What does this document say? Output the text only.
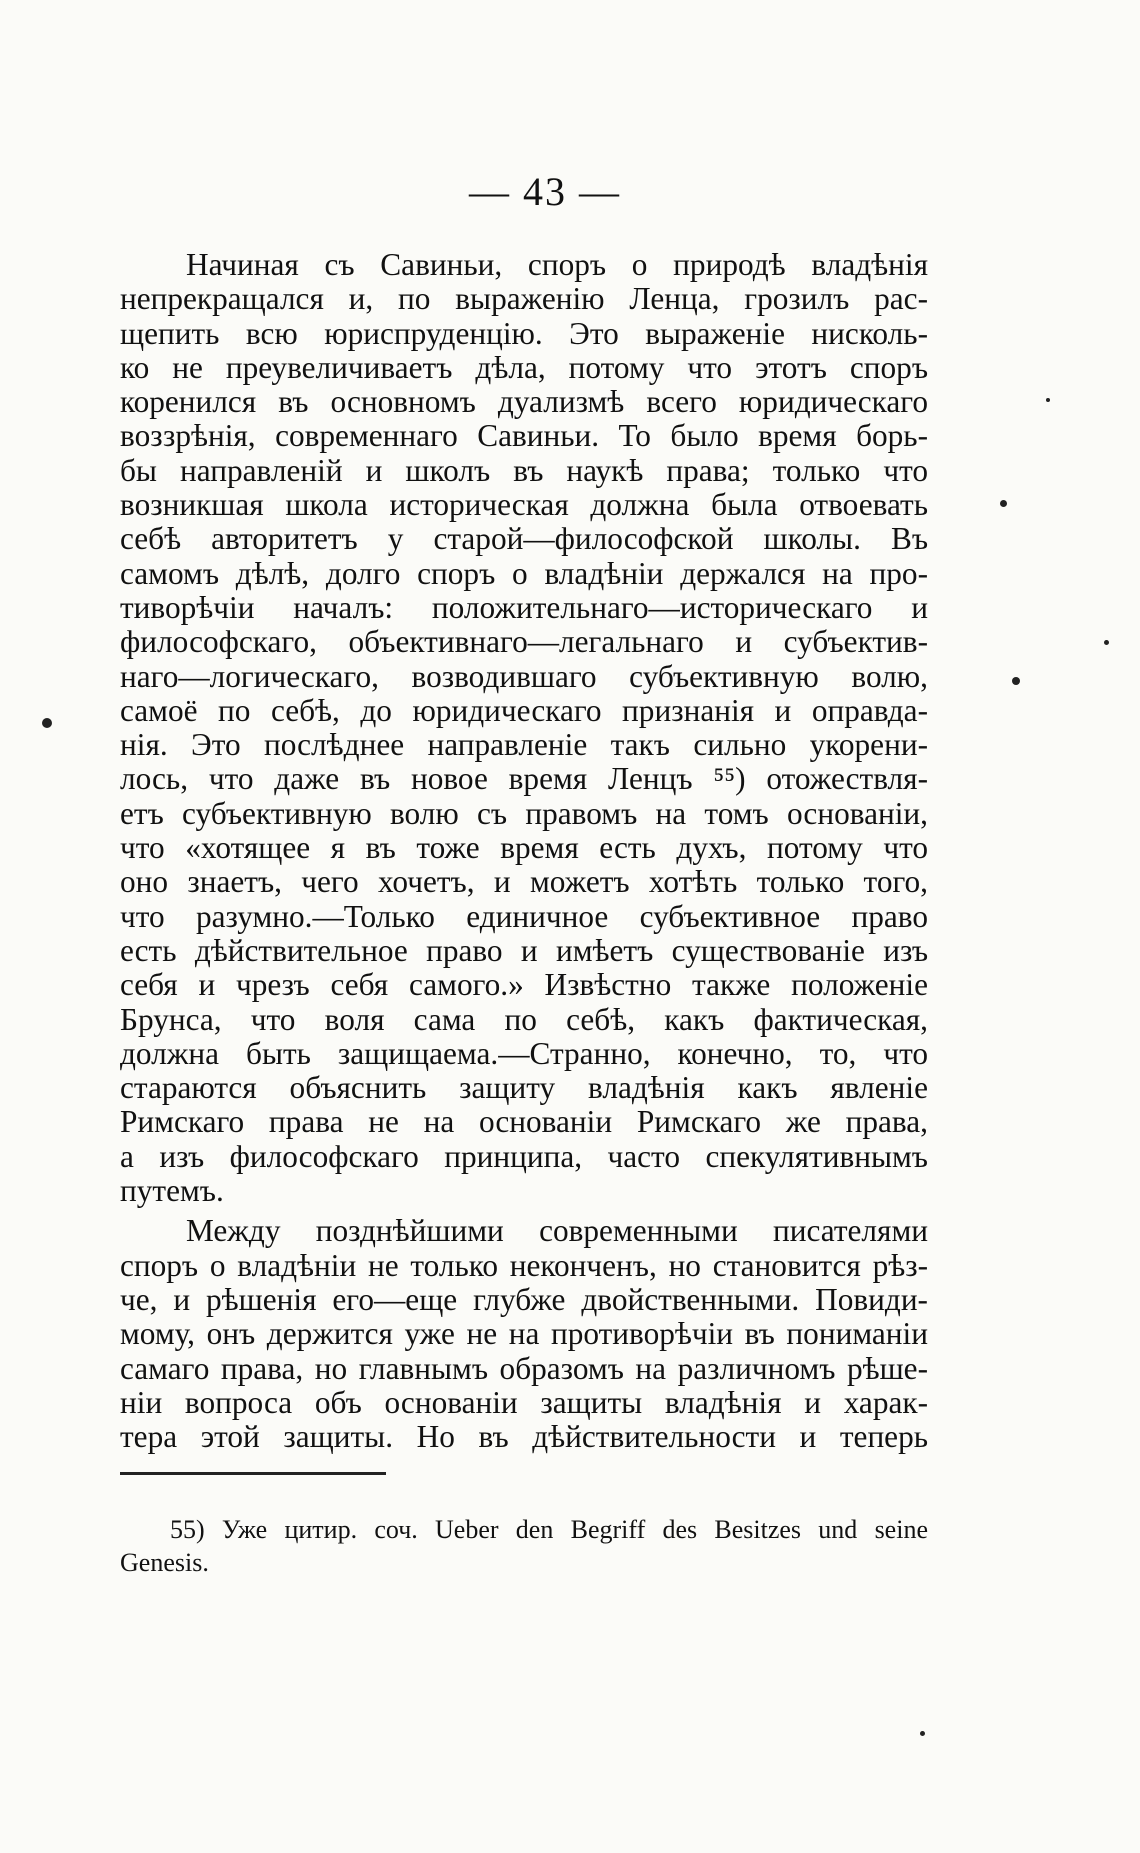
— 43 —
Начиная съ Савиньи, споръ о природѣ владѣнія
непрекращался и, по выраженію Ленца, грозилъ рас-
щепить всю юриспруденцію. Это выраженіе нисколь-
ко не преувеличиваетъ дѣла, потому что этотъ споръ
коренился въ основномъ дуализмѣ всего юридическаго
воззрѣнія, современнаго Савиньи. То было время борь-
бы направленій и школъ въ наукѣ права; только что
возникшая школа историческая должна была отвоевать
себѣ авторитетъ у старой—философской школы. Въ
самомъ дѣлѣ, долго споръ о владѣніи держался на про-
тиворѣчіи началъ: положительнаго—историческаго и
философскаго, объективнаго—легальнаго и субъектив-
наго—логическаго, возводившаго субъективную волю,
самоё по себѣ, до юридическаго признанія и оправда-
нія. Это послѣднее направленіе такъ сильно укорени-
лось, что даже въ новое время Ленцъ ⁵⁵) отожествля-
етъ субъективную волю съ правомъ на томъ основаніи,
что «хотящее я въ тоже время есть духъ, потому что
оно знаетъ, чего хочетъ, и можетъ хотѣть только того,
что разумно.—Только единичное субъективное право
есть дѣйствительное право и имѣетъ существованіе изъ
себя и чрезъ себя самого.» Извѣстно также положеніе
Брунса, что воля сама по себѣ, какъ фактическая,
должна быть защищаема.—Странно, конечно, то, что
стараются объяснить защиту владѣнія какъ явленіе
Римскаго права не на основаніи Римскаго же права,
а изъ философскаго принципа, часто спекулятивнымъ
путемъ.
Между позднѣйшими современными писателями
споръ о владѣніи не только неконченъ, но становится рѣз-
че, и рѣшенія его—еще глубже двойственными. Повиди-
мому, онъ держится уже не на противорѣчіи въ пониманіи
самаго права, но главнымъ образомъ на различномъ рѣше-
ніи вопроса объ основаніи защиты владѣнія и харак-
тера этой защиты. Но въ дѣйствительности и теперь
55) Уже цитир. соч. Ueber den Begriff des Besitzes und seine
Genesis.
